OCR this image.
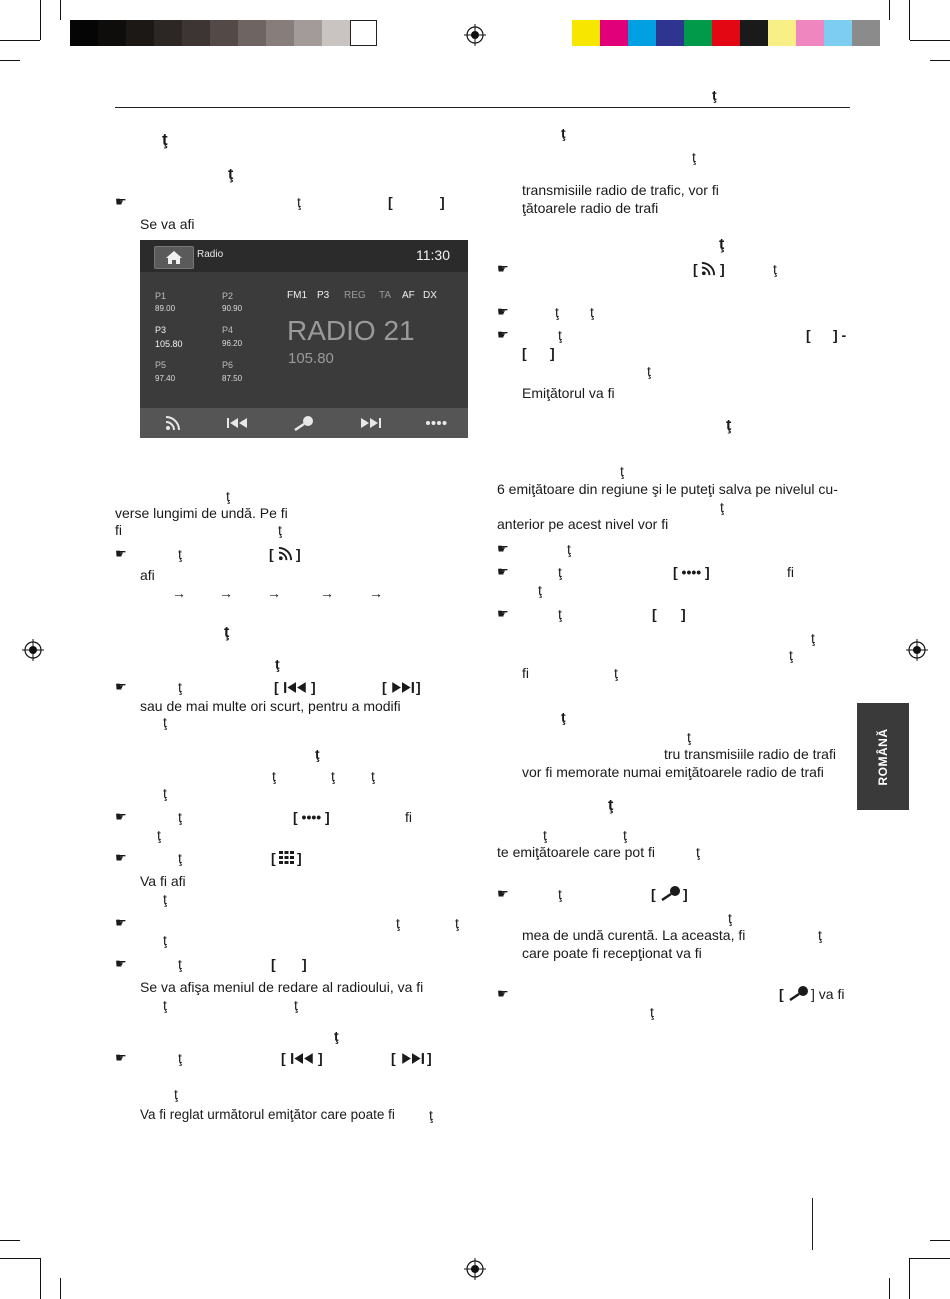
ţ
ROMÂNĂ
ţ
ţ
☛	ţ	[	]
Se va afi
Radio	11:30
P1
89.00
P2
90.90
P3
105.80
P4
96.20
P5
97.40
P6
87.50
FM1 P3 REG TA AF DX
RADIO 21
105.80
ţ
verse lungimi de undă. Pe fi
fi	ţ
☛	ţ	[ ]
afi
→ → →	→	→
ţ
ţ
☛	ţ	[ ]	[ ]
sau de mai multe ori scurt, pentru a modifi
ţ
ţ
ţ	ţ	ţ
ţ
☛	ţ	[ •••• ]	fi
ţ
☛	ţ	[ ]
Va fi afi
ţ
☛	ţ	ţ
ţ
☛	ţ	[ ]
Se va afişa meniul de redare al radioului, va fi
ţ	ţ
ţ
☛	ţ	[ ]	[ ]
ţ
Va fi reglat următorul emiţător care poate fi ţ
ţ
ţ
transmisiile radio de trafic, vor fi
ţătoarele radio de trafi
ţ
☛	[ ]	ţ
☛	ţ ţ
☛	ţ	[ ] -
[ ]
ţ
Emiţătorul va fi
ţ
ţ
6 emiţătoare din regiune şi le puteţi salva pe nivelul cu-
ţ
anterior pe acest nivel vor fi
☛	ţ
☛	ţ	[ •••• ]	fi
ţ
☛	ţ	[ ]
ţ
ţ
fi	ţ
ţ
ţ
tru transmisiile radio de trafi
vor fi memorate numai emiţătoarele radio de trafi
ţ
ţ	ţ
te emiţătoarele care pot fi	ţ
☛	ţ	[ ]
ţ
mea de undă curentă. La aceasta, fi	ţ
care poate fi recepţionat va fi
☛	[ ] va fi
ţ
